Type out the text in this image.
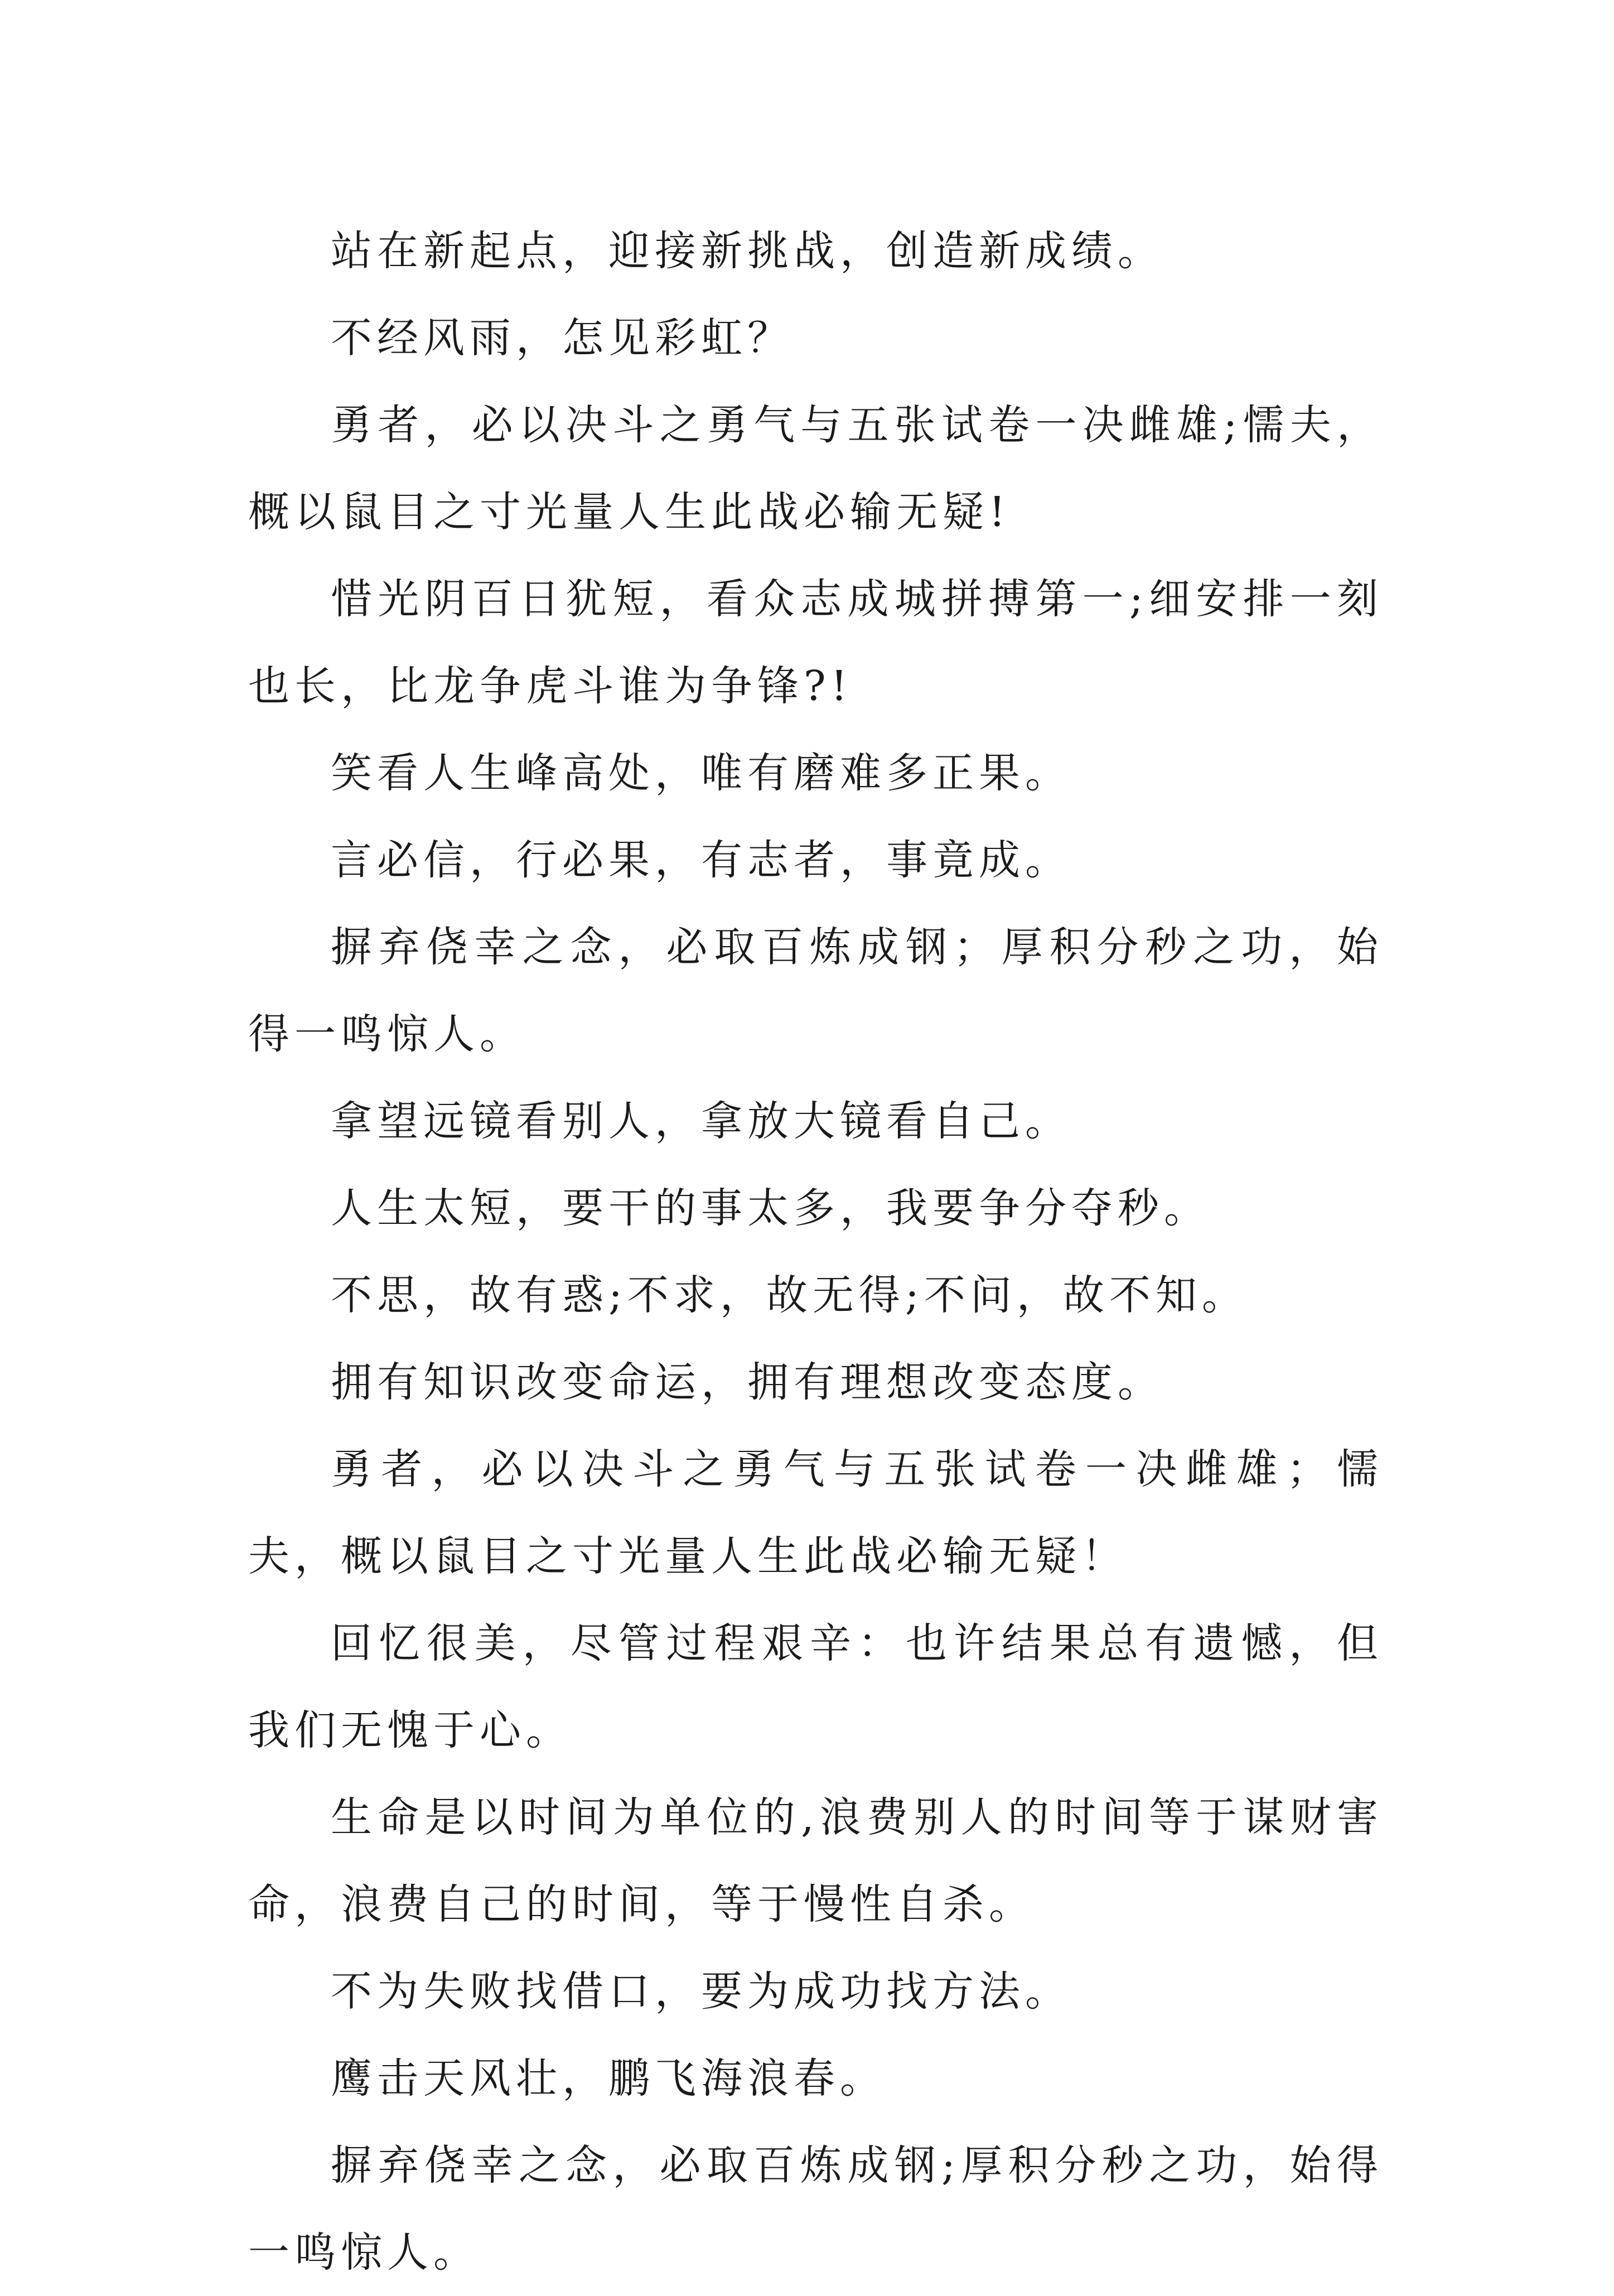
站在新起点，迎接新挑战，创造新成绩。

不经风雨，怎见彩虹？

勇者，必以决斗之勇气与五张试卷一决雌雄;懦夫，概以鼠目之寸光量人生此战必输无疑!

惜光阴百日犹短，看众志成城拼搏第一;细安排一刻也长，比龙争虎斗谁为争锋?!

笑看人生峰高处，唯有磨难多正果。

言必信，行必果，有志者，事竟成。

摒弃侥幸之念，必取百炼成钢；厚积分秒之功，始得一鸣惊人。

拿望远镜看别人，拿放大镜看自己。

人生太短，要干的事太多，我要争分夺秒。

不思，故有惑;不求，故无得;不问，故不知。

拥有知识改变命运，拥有理想改变态度。

勇者，必以决斗之勇气与五张试卷一决雌雄；懦夫，概以鼠目之寸光量人生此战必输无疑！

回忆很美，尽管过程艰辛：也许结果总有遗憾，但我们无愧于心。

生命是以时间为单位的,浪费别人的时间等于谋财害命，浪费自己的时间，等于慢性自杀。

不为失败找借口，要为成功找方法。

鹰击天风壮，鹏飞海浪春。

摒弃侥幸之念，必取百炼成钢;厚积分秒之功，始得一鸣惊人。
